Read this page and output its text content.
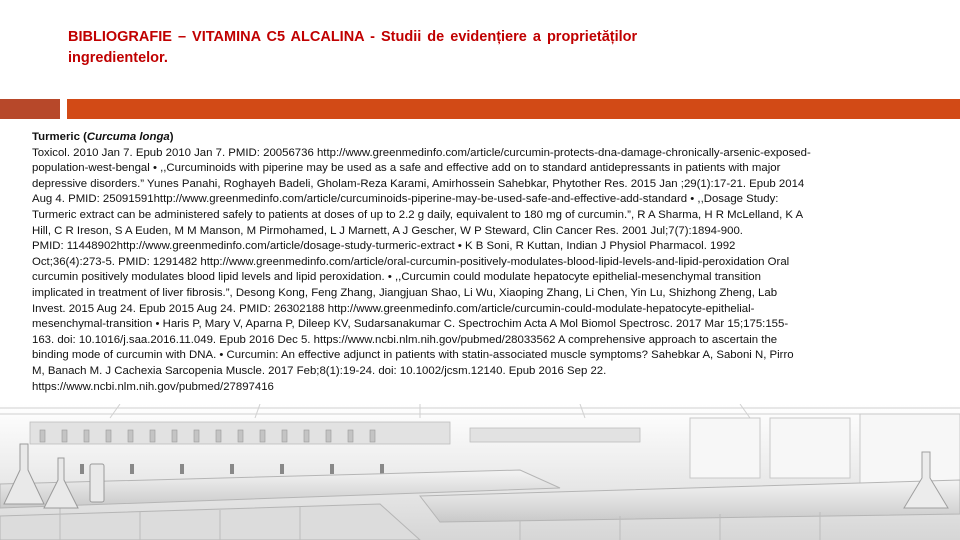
BIBLIOGRAFIE – VITAMINA C5 ALCALINA - Studii de evidențiere a proprietăților
ingredientelor.
Turmeric (Curcuma longa)
Toxicol. 2010 Jan 7. Epub 2010 Jan 7. PMID: 20056736 http://www.greenmedinfo.com/article/curcumin-protects-dna-damage-chronically-arsenic-exposed-
population-west-bengal • ,,Curcuminoids with piperine may be used as a safe and effective add on to standard antidepressants in patients with major
depressive disorders.” Yunes Panahi, Roghayeh Badeli, Gholam-Reza Karami, Amirhossein Sahebkar, Phytother Res. 2015 Jan ;29(1):17-21. Epub 2014
Aug 4. PMID: 25091591http://www.greenmedinfo.com/article/curcuminoids-piperine-may-be-used-safe-and-effective-add-standard • ,,Dosage Study:
Turmeric extract can be administered safely to patients at doses of up to 2.2 g daily, equivalent to 180 mg of curcumin.”, R A Sharma, H R McLelland, K A
Hill, C R Ireson, S A Euden, M M Manson, M Pirmohamed, L J Marnett, A J Gescher, W P Steward, Clin Cancer Res. 2001 Jul;7(7):1894-900.
PMID: 11448902http://www.greenmedinfo.com/article/dosage-study-turmeric-extract • K B Soni, R Kuttan, Indian J Physiol Pharmacol. 1992
Oct;36(4):273-5. PMID: 1291482 http://www.greenmedinfo.com/article/oral-curcumin-positively-modulates-blood-lipid-levels-and-lipid-peroxidation Oral
curcumin positively modulates blood lipid levels and lipid peroxidation. • ,,Curcumin could modulate hepatocyte epithelial-mesenchymal transition
implicated in treatment of liver fibrosis.”, Desong Kong, Feng Zhang, Jiangjuan Shao, Li Wu, Xiaoping Zhang, Li Chen, Yin Lu, Shizhong Zheng, Lab
Invest. 2015 Aug 24. Epub 2015 Aug 24. PMID: 26302188 http://www.greenmedinfo.com/article/curcumin-could-modulate-hepatocyte-epithelial-
mesenchymal-transition • Haris P, Mary V, Aparna P, Dileep KV, Sudarsanakumar C. Spectrochim Acta A Mol Biomol Spectrosc. 2017 Mar 15;175:155-
163. doi: 10.1016/j.saa.2016.11.049. Epub 2016 Dec 5. https://www.ncbi.nlm.nih.gov/pubmed/28033562 A comprehensive approach to ascertain the
binding mode of curcumin with DNA. • Curcumin: An effective adjunct in patients with statin-associated muscle symptoms? Sahebkar A, Saboni N, Pirro
M, Banach M. J Cachexia Sarcopenia Muscle. 2017 Feb;8(1):19-24. doi: 10.1002/jcsm.12140. Epub 2016 Sep 22.
https://www.ncbi.nlm.nih.gov/pubmed/27897416
